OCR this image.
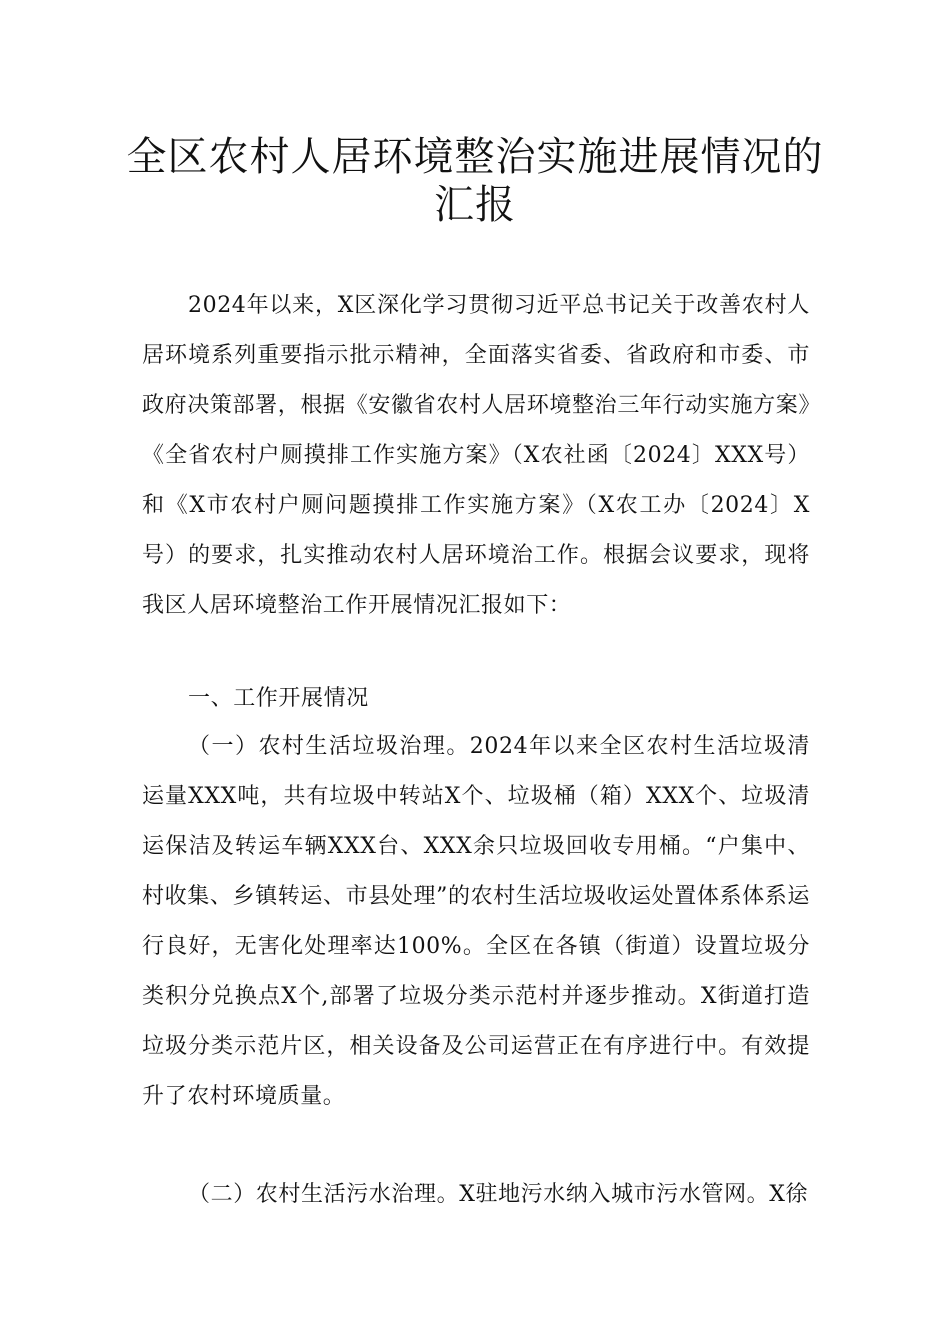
全区农村人居环境整治实施进展情况的
汇报
2024年以来，X区深化学习贯彻习近平总书记关于改善农村人居环境系列重要指示批示精神，全面落实省委、省政府和市委、市政府决策部署，根据《安徽省农村人居环境整治三年行动实施方案》《全省农村户厕摸排工作实施方案》（X农社函〔2024〕XXX号）和《X市农村户厕问题摸排工作实施方案》（X农工办〔2024〕X号）的要求，扎实推动农村人居环境治工作。根据会议要求，现将我区人居环境整治工作开展情况汇报如下：
一、工作开展情况
（一）农村生活垃圾治理。2024年以来全区农村生活垃圾清运量XXX吨，共有垃圾中转站X个、垃圾桶（箱）XXX个、垃圾清运保洁及转运车辆XXX台、XXX余只垃圾回收专用桶。“户集中、村收集、乡镇转运、市县处理”的农村生活垃圾收运处置体系体系运行良好，无害化处理率达100%。全区在各镇（街道）设置垃圾分类积分兑换点X个,部署了垃圾分类示范村并逐步推动。X街道打造垃圾分类示范片区，相关设备及公司运营正在有序进行中。有效提升了农村环境质量。
（二）农村生活污水治理。X驻地污水纳入城市污水管网。X徐
